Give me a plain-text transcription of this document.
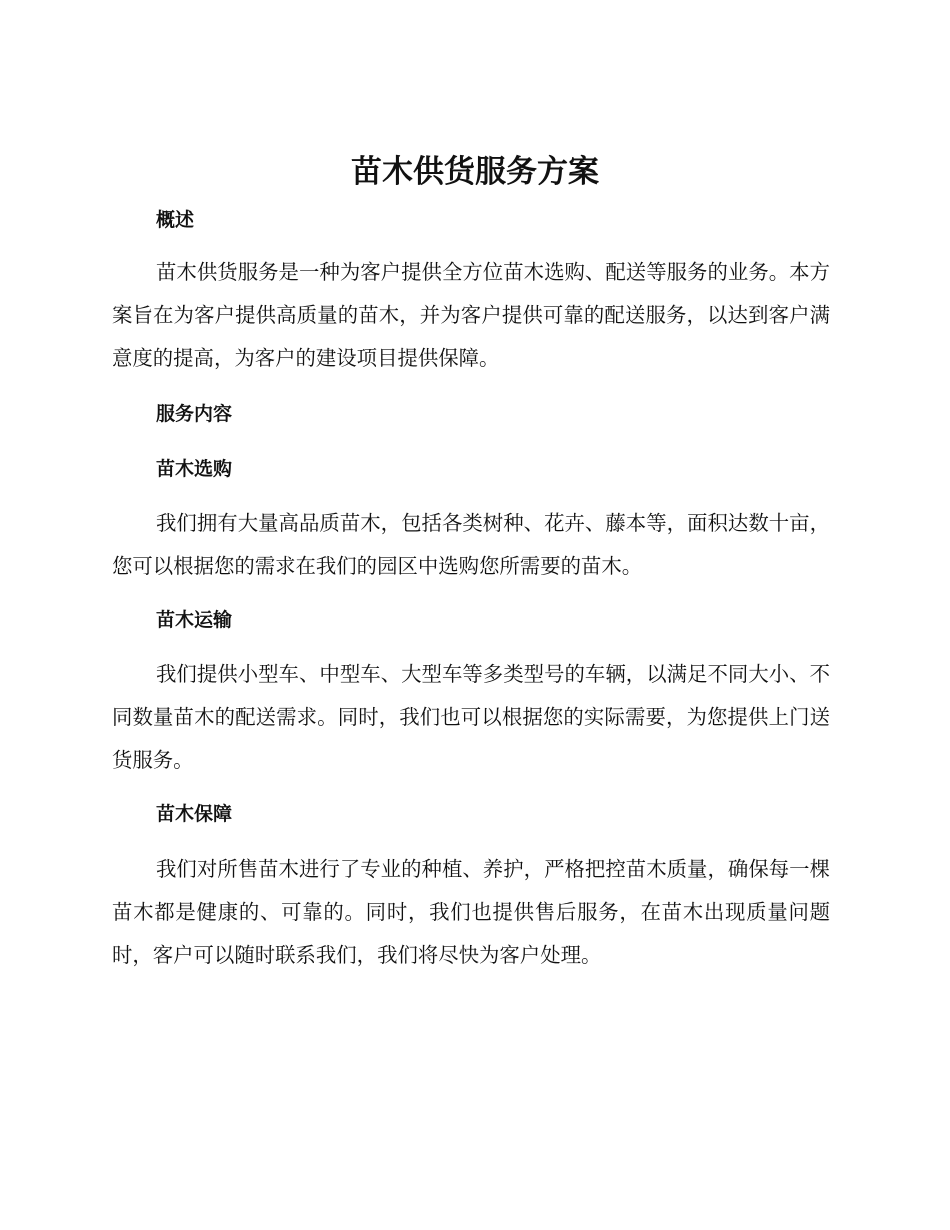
苗木供货服务方案
概述

苗木供货服务是一种为客户提供全方位苗木选购、配送等服务的业务。本方案旨在为客户提供高质量的苗木，并为客户提供可靠的配送服务，以达到客户满意度的提高，为客户的建设项目提供保障。

服务内容
苗木选购

我们拥有大量高品质苗木，包括各类树种、花卉、藤本等，面积达数十亩，您可以根据您的需求在我们的园区中选购您所需要的苗木。

苗木运输

我们提供小型车、中型车、大型车等多类型号的车辆，以满足不同大小、不同数量苗木的配送需求。同时，我们也可以根据您的实际需要，为您提供上门送货服务。

苗木保障

我们对所售苗木进行了专业的种植、养护，严格把控苗木质量，确保每一棵苗木都是健康的、可靠的。同时，我们也提供售后服务，在苗木出现质量问题时，客户可以随时联系我们，我们将尽快为客户处理。
